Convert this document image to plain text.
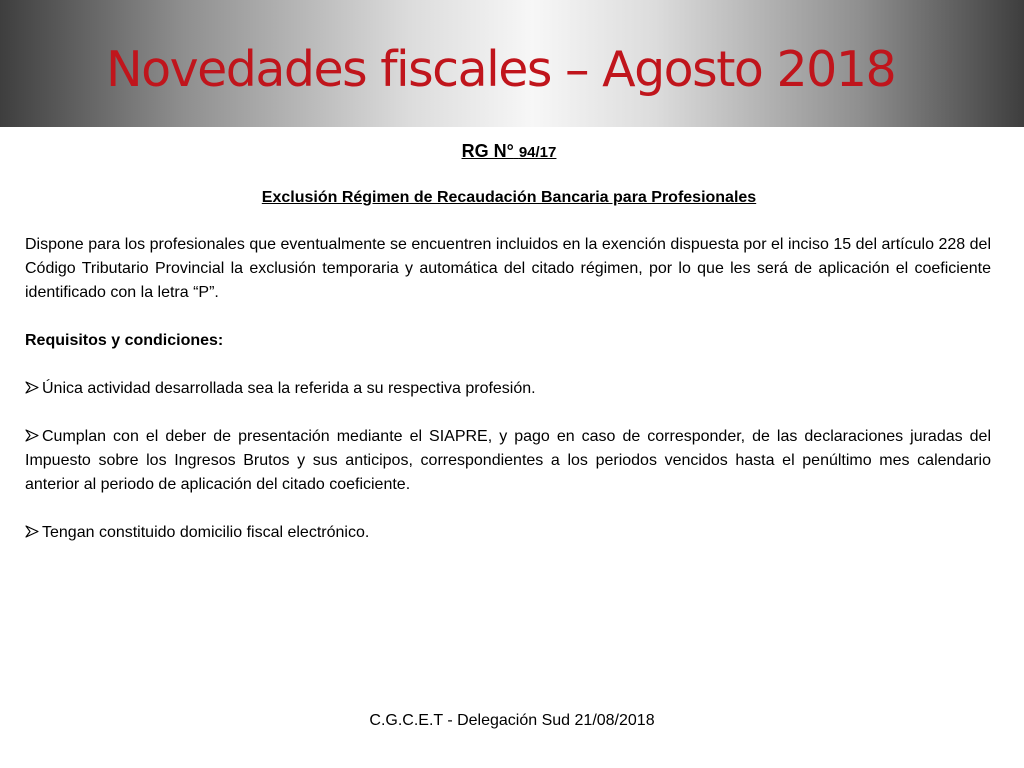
Novedades fiscales – Agosto 2018

RG N° 94/17

Exclusión Régimen de Recaudación Bancaria para Profesionales

Dispone para los profesionales que eventualmente se encuentren incluidos en la exención dispuesta por el inciso 15 del artículo 228 del Código Tributario Provincial la exclusión temporaria y automática del citado régimen, por lo que les será de aplicación el coeficiente identificado con la letra “P”.

Requisitos y condiciones:

Única actividad desarrollada sea la referida a su respectiva profesión.

Cumplan con el deber de presentación mediante el SIAPRE, y pago en caso de corresponder, de las declaraciones juradas del Impuesto sobre los Ingresos Brutos y sus anticipos, correspondientes a los periodos vencidos hasta el penúltimo mes calendario anterior al periodo de aplicación del citado coeficiente.

Tengan constituido domicilio fiscal electrónico.

C.G.C.E.T - Delegación Sud 21/08/2018
